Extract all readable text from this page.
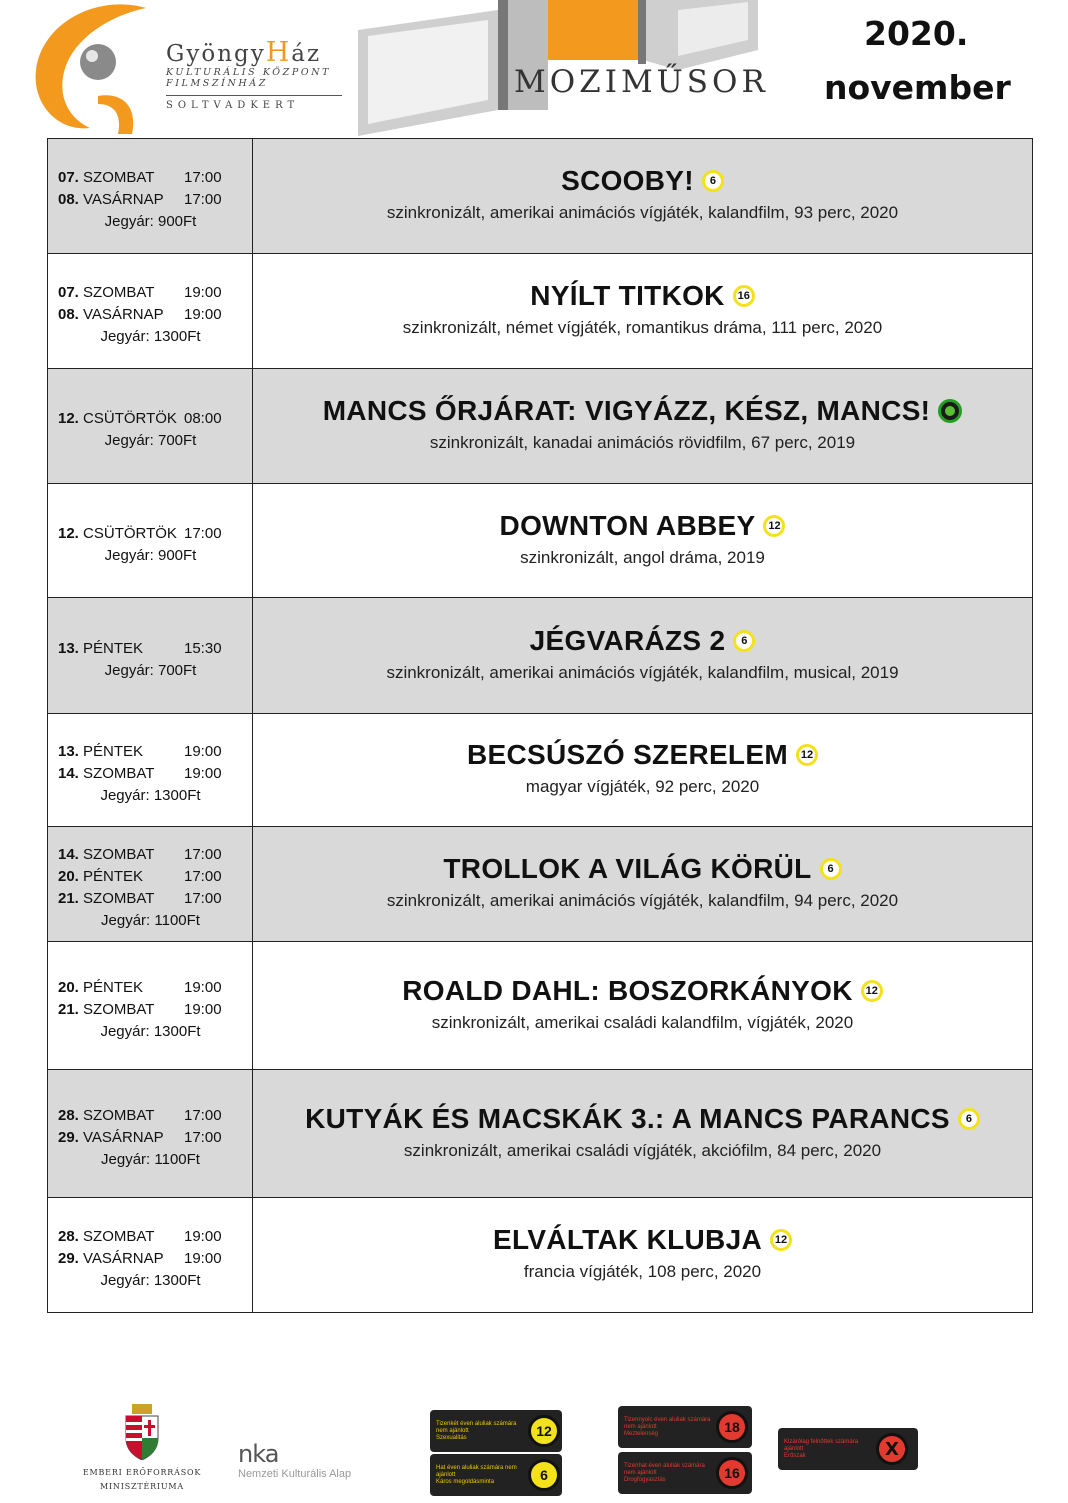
GyöngyHáz
KULTURÁLIS KÖZPONT
FILMSZÍNHÁZ
SOLTVADKERT
MOZIMŰSOR
2020.
november
07. SZOMBAT	17:00
08. VASÁRNAP	17:00
Jegyár: 900Ft
SCOOBY!	6
szinkronizált, amerikai animációs vígjáték, kalandfilm, 93 perc, 2020
07. SZOMBAT	19:00
08. VASÁRNAP	19:00
Jegyár: 1300Ft
NYÍLT TITKOK	16
szinkronizált, német vígjáték, romantikus dráma, 111 perc, 2020
12. CSÜTÖRTÖK 08:00
Jegyár: 700Ft
MANCS ŐRJÁRAT: VIGYÁZZ, KÉSZ, MANCS!
szinkronizált, kanadai animációs rövidfilm, 67 perc, 2019
12. CSÜTÖRTÖK 17:00
Jegyár: 900Ft
DOWNTON ABBEY	12
szinkronizált, angol dráma, 2019
13. PÉNTEK	15:30
Jegyár: 700Ft
JÉGVARÁZS 2	6
szinkronizált, amerikai animációs vígjáték, kalandfilm, musical, 2019
13. PÉNTEK	19:00
14. SZOMBAT	19:00
Jegyár: 1300Ft
BECSÚSZÓ SZERELEM	12
magyar vígjáték, 92 perc, 2020
14. SZOMBAT	17:00
20. PÉNTEK	17:00
21. SZOMBAT	17:00
Jegyár: 1100Ft
TROLLOK A VILÁG KÖRÜL	6
szinkronizált, amerikai animációs vígjáték, kalandfilm, 94 perc, 2020
20. PÉNTEK	19:00
21. SZOMBAT	19:00
Jegyár: 1300Ft
ROALD DAHL: BOSZORKÁNYOK	12
szinkronizált, amerikai családi kalandfilm, vígjáték, 2020
28. SZOMBAT	17:00
29. VASÁRNAP	17:00
Jegyár: 1100Ft
KUTYÁK ÉS MACSKÁK 3.: A MANCS PARANCS	6
szinkronizált, amerikai családi vígjáték, akciófilm, 84 perc, 2020
28. SZOMBAT	19:00
29. VASÁRNAP	19:00
Jegyár: 1300Ft
ELVÁLTAK KLUBJA	12
francia vígjáték, 108 perc, 2020
EMBERI ERŐFORRÁSOK
MINISZTÉRIUMA
nka
Nemzeti Kulturális Alap
Tizenkét éven aluliak számára nem ajánlott
Szexualitás	12
Hat éven aluliak számára nem ajánlott
Káros megoldásminta	6
Tizennyolc éven aluliak számára nem ajánlott
Meztelenség	18
Tizenhat éven aluliak számára nem ajánlott
Drogfogyasztás	16
Kizárólag felnőttek számára ajánlott
Erőszak	X
